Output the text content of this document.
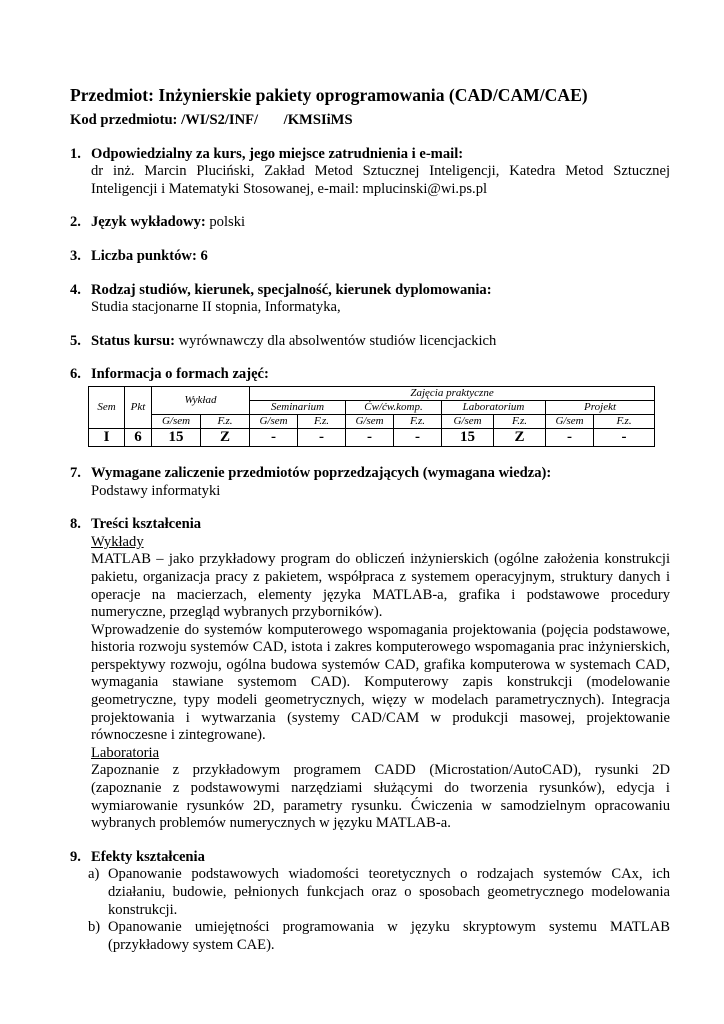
Przedmiot: Inżynierskie pakiety oprogramowania (CAD/CAM/CAE)
Kod przedmiotu: /WI/S2/INF/       /KMSIiMS
1. Odpowiedzialny za kurs, jego miejsce zatrudnienia i e-mail:
dr inż. Marcin Pluciński, Zakład Metod Sztucznej Inteligencji, Katedra Metod Sztucznej Inteligencji i Matematyki Stosowanej, e-mail: mplucinski@wi.ps.pl
2. Język wykładowy: polski
3. Liczba punktów: 6
4. Rodzaj studiów, kierunek, specjalność, kierunek dyplomowania:
Studia stacjonarne II stopnia, Informatyka,
5. Status kursu: wyrównawczy dla absolwentów studiów licencjackich
6. Informacja o formach zajęć:
Sem	Pkt	Wykład		Zajęcia praktyczne							
				Seminarium		Ćw/ćw.komp.		Laboratorium		Projekt	
		G/sem	F.z.	G/sem	F.z.	G/sem	F.z.	G/sem	F.z.	G/sem	F.z.
I	6	15	Z	-	-	-	-	15	Z	-	-
7. Wymagane zaliczenie przedmiotów poprzedzających (wymagana wiedza):
Podstawy informatyki
8. Treści kształcenia
Wykłady
MATLAB – jako przykładowy program do obliczeń inżynierskich (ogólne założenia konstrukcji pakietu, organizacja pracy z pakietem, współpraca z systemem operacyjnym, struktury danych i operacje na macierzach, elementy języka MATLAB-a, grafika i podstawowe procedury numeryczne, przegląd wybranych przyborników).
Wprowadzenie do systemów komputerowego wspomagania projektowania (pojęcia podstawowe, historia rozwoju systemów CAD, istota i zakres komputerowego wspomagania prac inżynierskich, perspektywy rozwoju, ogólna budowa systemów CAD, grafika komputerowa w systemach CAD, wymagania stawiane systemom CAD). Komputerowy zapis konstrukcji (modelowanie geometryczne, typy modeli geometrycznych, więzy w modelach parametrycznych). Integracja projektowania i wytwarzania (systemy CAD/CAM w produkcji masowej, projektowanie równoczesne i zintegrowane).
Laboratoria
Zapoznanie z przykładowym programem CADD (Microstation/AutoCAD), rysunki 2D (zapoznanie z podstawowymi narzędziami służącymi do tworzenia rysunków), edycja i wymiarowanie rysunków 2D, parametry rysunku. Ćwiczenia w samodzielnym opracowaniu wybranych problemów numerycznych w języku MATLAB-a.
9. Efekty kształcenia
a) Opanowanie podstawowych wiadomości teoretycznych o rodzajach systemów CAx, ich działaniu, budowie, pełnionych funkcjach oraz o sposobach geometrycznego modelowania konstrukcji.
b) Opanowanie umiejętności programowania w języku skryptowym systemu MATLAB (przykładowy system CAE).
